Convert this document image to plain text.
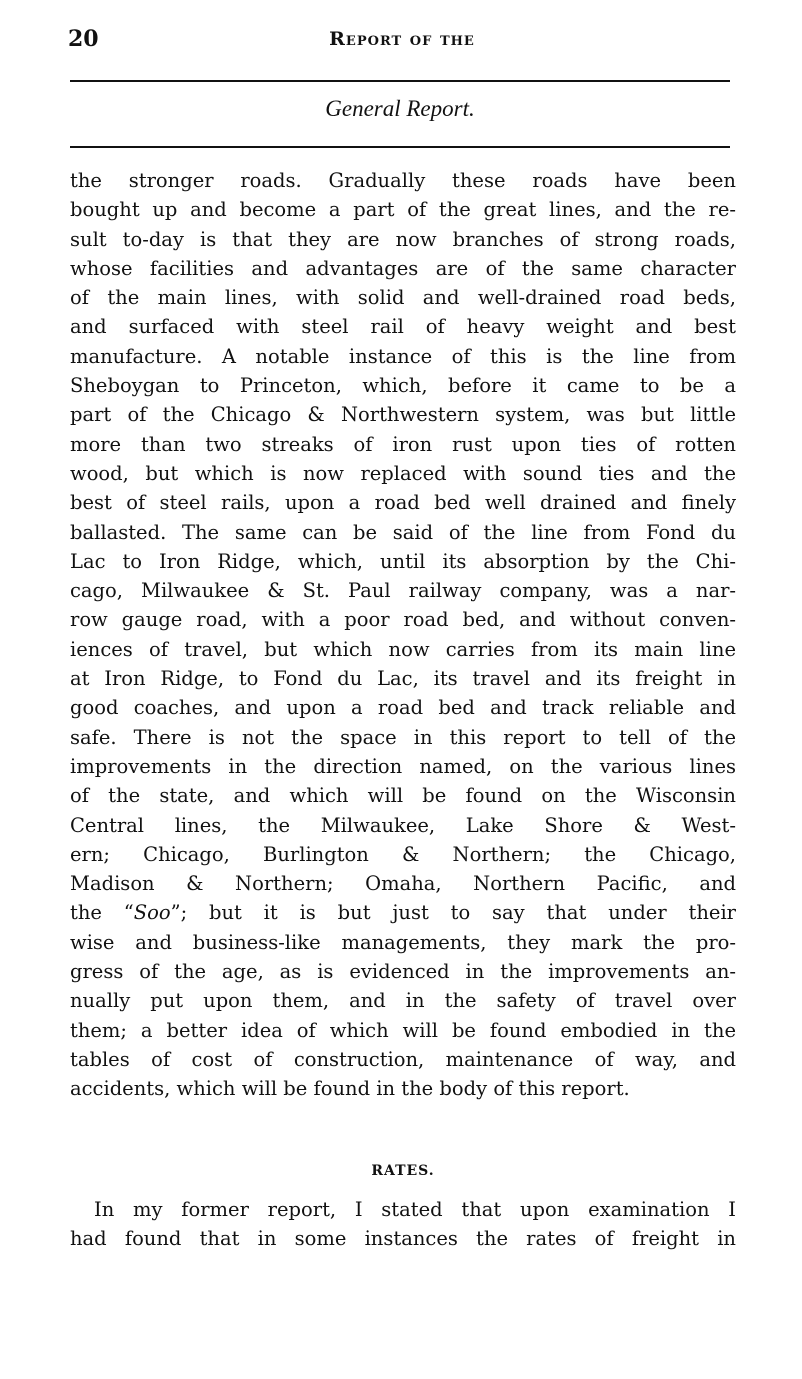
20	Report of the
General Report.
the stronger roads. Gradually these roads have been
bought up and become a part of the great lines, and the re-
sult to-day is that they are now branches of strong roads,
whose facilities and advantages are of the same character
of the main lines, with solid and well-drained road beds,
and surfaced with steel rail of heavy weight and best
manufacture. A notable instance of this is the line from
Sheboygan to Princeton, which, before it came to be a
part of the Chicago & Northwestern system, was but little
more than two streaks of iron rust upon ties of rotten
wood, but which is now replaced with sound ties and the
best of steel rails, upon a road bed well drained and finely
ballasted. The same can be said of the line from Fond du
Lac to Iron Ridge, which, until its absorption by the Chi-
cago, Milwaukee & St. Paul railway company, was a nar-
row gauge road, with a poor road bed, and without conven-
iences of travel, but which now carries from its main line
at Iron Ridge, to Fond du Lac, its travel and its freight in
good coaches, and upon a road bed and track reliable and
safe. There is not the space in this report to tell of the
improvements in the direction named, on the various lines
of the state, and which will be found on the Wisconsin
Central lines, the Milwaukee, Lake Shore & West-
ern; Chicago, Burlington & Northern; the Chicago,
Madison & Northern; Omaha, Northern Pacific, and
the “Soo”; but it is but just to say that under their
wise and business-like managements, they mark the pro-
gress of the age, as is evidenced in the improvements an-
nually put upon them, and in the safety of travel over
them; a better idea of which will be found embodied in the
tables of cost of construction, maintenance of way, and
accidents, which will be found in the body of this report.
RATES.
In my former report, I stated that upon examination I
had found that in some instances the rates of freight in
